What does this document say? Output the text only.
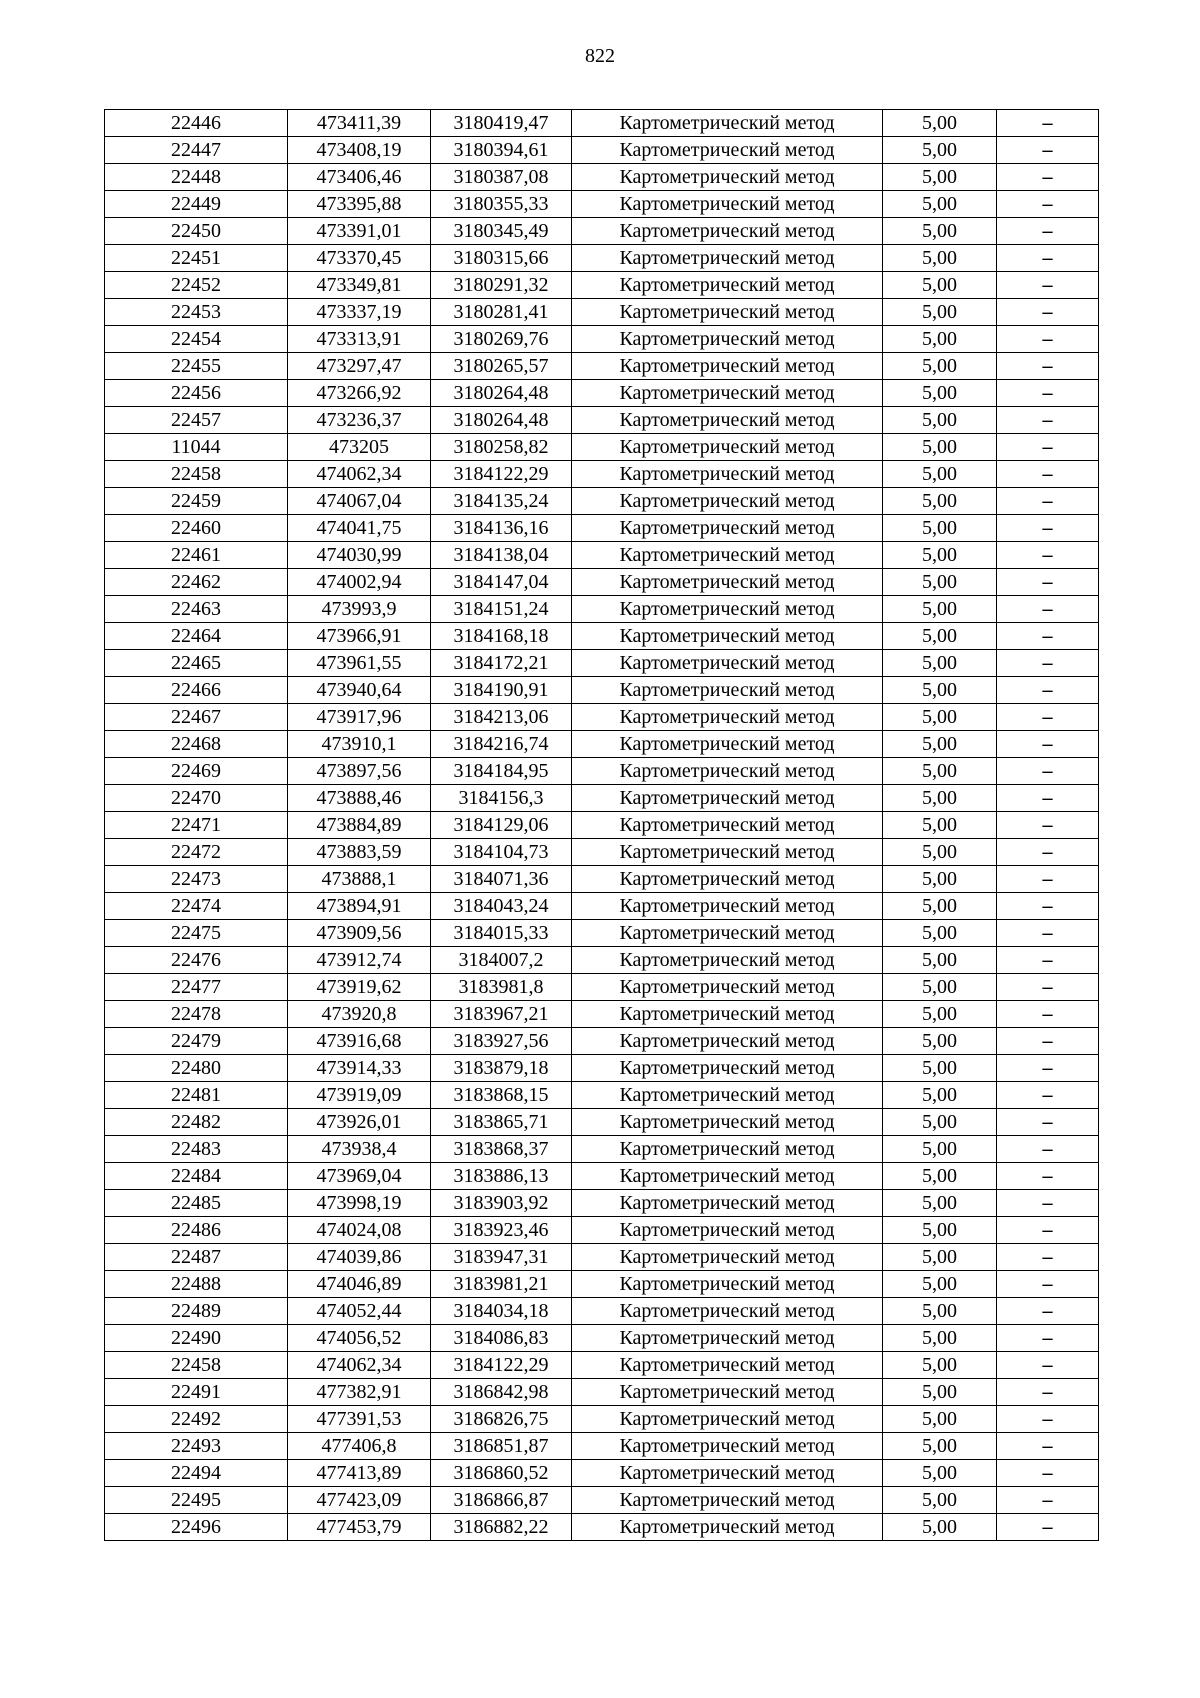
822
22446	473411,39	3180419,47	Картометрический метод	5,00	–
22447	473408,19	3180394,61	Картометрический метод	5,00	–
22448	473406,46	3180387,08	Картометрический метод	5,00	–
22449	473395,88	3180355,33	Картометрический метод	5,00	–
22450	473391,01	3180345,49	Картометрический метод	5,00	–
22451	473370,45	3180315,66	Картометрический метод	5,00	–
22452	473349,81	3180291,32	Картометрический метод	5,00	–
22453	473337,19	3180281,41	Картометрический метод	5,00	–
22454	473313,91	3180269,76	Картометрический метод	5,00	–
22455	473297,47	3180265,57	Картометрический метод	5,00	–
22456	473266,92	3180264,48	Картометрический метод	5,00	–
22457	473236,37	3180264,48	Картометрический метод	5,00	–
11044	473205	3180258,82	Картометрический метод	5,00	–
22458	474062,34	3184122,29	Картометрический метод	5,00	–
22459	474067,04	3184135,24	Картометрический метод	5,00	–
22460	474041,75	3184136,16	Картометрический метод	5,00	–
22461	474030,99	3184138,04	Картометрический метод	5,00	–
22462	474002,94	3184147,04	Картометрический метод	5,00	–
22463	473993,9	3184151,24	Картометрический метод	5,00	–
22464	473966,91	3184168,18	Картометрический метод	5,00	–
22465	473961,55	3184172,21	Картометрический метод	5,00	–
22466	473940,64	3184190,91	Картометрический метод	5,00	–
22467	473917,96	3184213,06	Картометрический метод	5,00	–
22468	473910,1	3184216,74	Картометрический метод	5,00	–
22469	473897,56	3184184,95	Картометрический метод	5,00	–
22470	473888,46	3184156,3	Картометрический метод	5,00	–
22471	473884,89	3184129,06	Картометрический метод	5,00	–
22472	473883,59	3184104,73	Картометрический метод	5,00	–
22473	473888,1	3184071,36	Картометрический метод	5,00	–
22474	473894,91	3184043,24	Картометрический метод	5,00	–
22475	473909,56	3184015,33	Картометрический метод	5,00	–
22476	473912,74	3184007,2	Картометрический метод	5,00	–
22477	473919,62	3183981,8	Картометрический метод	5,00	–
22478	473920,8	3183967,21	Картометрический метод	5,00	–
22479	473916,68	3183927,56	Картометрический метод	5,00	–
22480	473914,33	3183879,18	Картометрический метод	5,00	–
22481	473919,09	3183868,15	Картометрический метод	5,00	–
22482	473926,01	3183865,71	Картометрический метод	5,00	–
22483	473938,4	3183868,37	Картометрический метод	5,00	–
22484	473969,04	3183886,13	Картометрический метод	5,00	–
22485	473998,19	3183903,92	Картометрический метод	5,00	–
22486	474024,08	3183923,46	Картометрический метод	5,00	–
22487	474039,86	3183947,31	Картометрический метод	5,00	–
22488	474046,89	3183981,21	Картометрический метод	5,00	–
22489	474052,44	3184034,18	Картометрический метод	5,00	–
22490	474056,52	3184086,83	Картометрический метод	5,00	–
22458	474062,34	3184122,29	Картометрический метод	5,00	–
22491	477382,91	3186842,98	Картометрический метод	5,00	–
22492	477391,53	3186826,75	Картометрический метод	5,00	–
22493	477406,8	3186851,87	Картометрический метод	5,00	–
22494	477413,89	3186860,52	Картометрический метод	5,00	–
22495	477423,09	3186866,87	Картометрический метод	5,00	–
22496	477453,79	3186882,22	Картометрический метод	5,00	–
